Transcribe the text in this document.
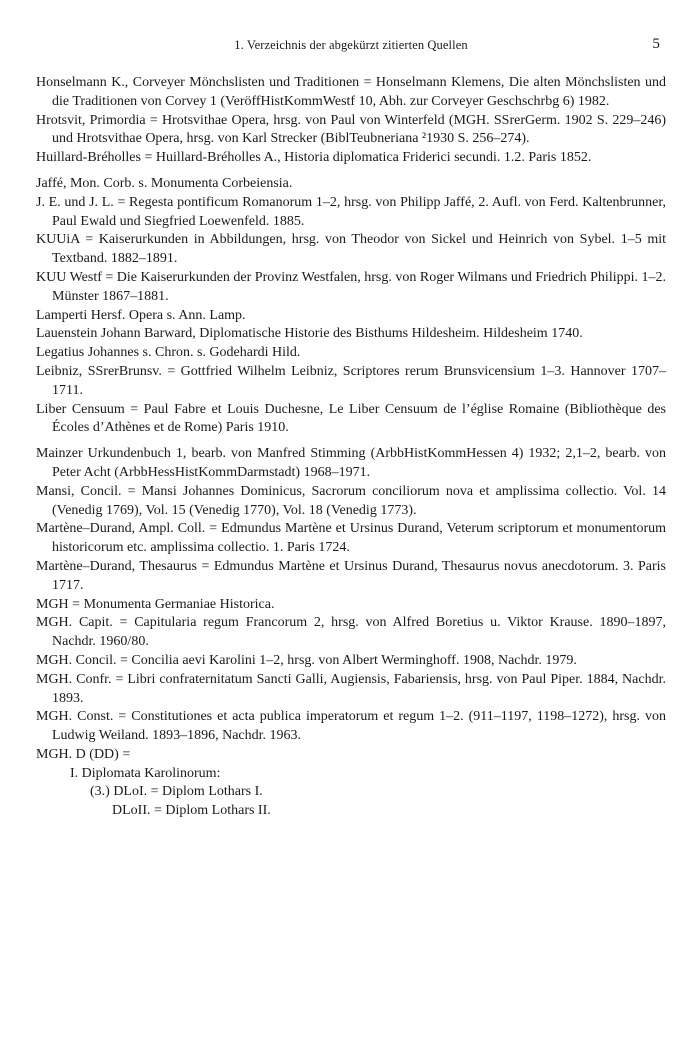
1. Verzeichnis der abgekürzt zitierten Quellen	5
Honselmann K., Corveyer Mönchslisten und Traditionen = Honselmann Klemens, Die alten Mönchslisten und die Traditionen von Corvey 1 (VeröffHistKommWestf 10, Abh. zur Corveyer Geschschrbg 6) 1982.
Hrotsvit, Primordia = Hrotsvithae Opera, hrsg. von Paul von Winterfeld (MGH. SSrerGerm. 1902 S. 229–246) und Hrotsvithae Opera, hrsg. von Karl Strecker (BiblTeubneriana ²1930 S. 256–274).
Huillard-Bréholles = Huillard-Bréholles A., Historia diplomatica Friderici secundi. 1.2. Paris 1852.
Jaffé, Mon. Corb. s. Monumenta Corbeiensia.
J. E. und J. L. = Regesta pontificum Romanorum 1–2, hrsg. von Philipp Jaffé, 2. Aufl. von Ferd. Kaltenbrunner, Paul Ewald und Siegfried Loewenfeld. 1885.
KUUiA = Kaiserurkunden in Abbildungen, hrsg. von Theodor von Sickel und Heinrich von Sybel. 1–5 mit Textband. 1882–1891.
KUU Westf = Die Kaiserurkunden der Provinz Westfalen, hrsg. von Roger Wilmans und Friedrich Philippi. 1–2. Münster 1867–1881.
Lamperti Hersf. Opera s. Ann. Lamp.
Lauenstein Johann Barward, Diplomatische Historie des Bisthums Hildesheim. Hildesheim 1740.
Legatius Johannes s. Chron. s. Godehardi Hild.
Leibniz, SSrerBrunsv. = Gottfried Wilhelm Leibniz, Scriptores rerum Brunsvicensium 1–3. Hannover 1707–1711.
Liber Censuum = Paul Fabre et Louis Duchesne, Le Liber Censuum de l’église Romaine (Bibliothèque des Écoles d’Athènes et de Rome) Paris 1910.
Mainzer Urkundenbuch 1, bearb. von Manfred Stimming (ArbbHistKommHessen 4) 1932; 2,1–2, bearb. von Peter Acht (ArbbHessHistKommDarmstadt) 1968–1971.
Mansi, Concil. = Mansi Johannes Dominicus, Sacrorum conciliorum nova et amplissima collectio. Vol. 14 (Venedig 1769), Vol. 15 (Venedig 1770), Vol. 18 (Venedig 1773).
Martène–Durand, Ampl. Coll. = Edmundus Martène et Ursinus Durand, Veterum scriptorum et monumentorum historicorum etc. amplissima collectio. 1. Paris 1724.
Martène–Durand, Thesaurus = Edmundus Martène et Ursinus Durand, Thesaurus novus anecdotorum. 3. Paris 1717.
MGH = Monumenta Germaniae Historica.
MGH. Capit. = Capitularia regum Francorum 2, hrsg. von Alfred Boretius u. Viktor Krause. 1890–1897, Nachdr. 1960/80.
MGH. Concil. = Concilia aevi Karolini 1–2, hrsg. von Albert Werminghoff. 1908, Nachdr. 1979.
MGH. Confr. = Libri confraternitatum Sancti Galli, Augiensis, Fabariensis, hrsg. von Paul Piper. 1884, Nachdr. 1893.
MGH. Const. = Constitutiones et acta publica imperatorum et regum 1–2. (911–1197, 1198–1272), hrsg. von Ludwig Weiland. 1893–1896, Nachdr. 1963.
MGH. D (DD) =
I. Diplomata Karolinorum:
(3.) DLoI. = Diplom Lothars I.
DLoII. = Diplom Lothars II.
